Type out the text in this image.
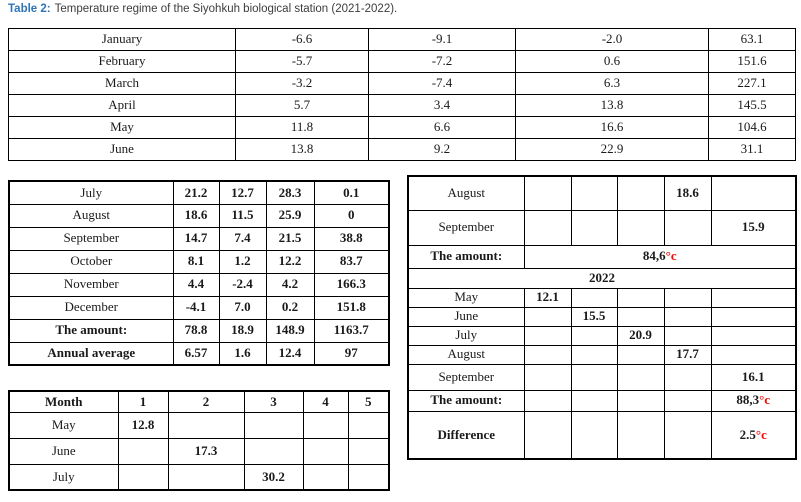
Table 2: Temperature regime of the Siyohkuh biological station (2021-2022).
January	-6.6	-9.1	-2.0	63.1
February	-5.7	-7.2	0.6	151.6
March	-3.2	-7.4	6.3	227.1
April	5.7	3.4	13.8	145.5
May	11.8	6.6	16.6	104.6
June	13.8	9.2	22.9	31.1
July	21.2	12.7	28.3	0.1
August	18.6	11.5	25.9	0
September	14.7	7.4	21.5	38.8
October	8.1	1.2	12.2	83.7
November	4.4	-2.4	4.2	166.3
December	-4.1	7.0	0.2	151.8
The amount:	78.8	18.9	148.9	1163.7
Annual average	6.57	1.6	12.4	97
Month	1	2	3	4	5
May	12.8				
June		17.3			
July			30.2		
August				18.6	
September					15.9
The amount:	84,6°c				
2022					
May	12.1				
June		15.5			
July			20.9		
August				17.7	
September					16.1
The amount:					88,3°c
Difference					2.5°c
